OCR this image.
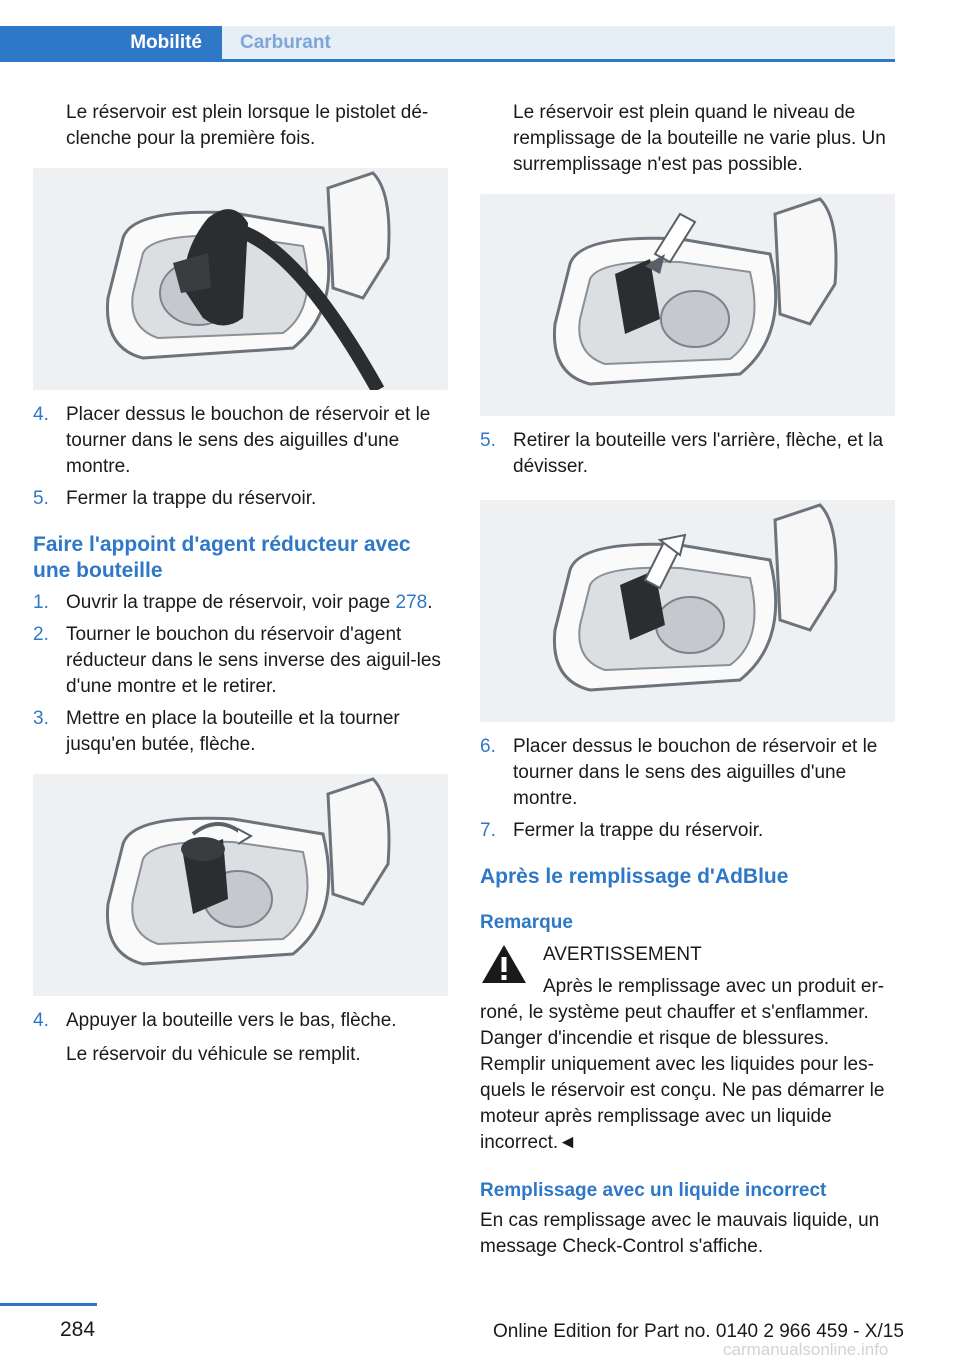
Mobilité	Carburant

Le réservoir est plein lorsque le pistolet dé-clenche pour la première fois.

4. Placer dessus le bouchon de réservoir et le tourner dans le sens des aiguilles d'une montre.
5. Fermer la trappe du réservoir.
Faire l'appoint d'agent réducteur avec une bouteille
1. Ouvrir la trappe de réservoir, voir page 278.
2. Tourner le bouchon du réservoir d'agent réducteur dans le sens inverse des aiguil-les d'une montre et le retirer.
3. Mettre en place la bouteille et la tourner jusqu'en butée, flèche.
4. Appuyer la bouteille vers le bas, flèche.

Le réservoir du véhicule se remplit.

Le réservoir est plein quand le niveau de remplissage de la bouteille ne varie plus. Un surremplissage n'est pas possible.

5. Retirer la bouteille vers l'arrière, flèche, et la dévisser.
6. Placer dessus le bouchon de réservoir et le tourner dans le sens des aiguilles d'une montre.
7. Fermer la trappe du réservoir.
Après le remplissage d'AdBlue
Remarque

AVERTISSEMENT

Après le remplissage avec un produit er-

roné, le système peut chauffer et s'enflammer. Danger d'incendie et risque de blessures. Remplir uniquement avec les liquides pour les-quels le réservoir est conçu. Ne pas démarrer le moteur après remplissage avec un liquide incorrect.◄

Remplissage avec un liquide incorrect

En cas remplissage avec le mauvais liquide, un message Check-Control s'affiche.

284	Online Edition for Part no. 0140 2 966 459 - X/15
carmanualsonline.info
